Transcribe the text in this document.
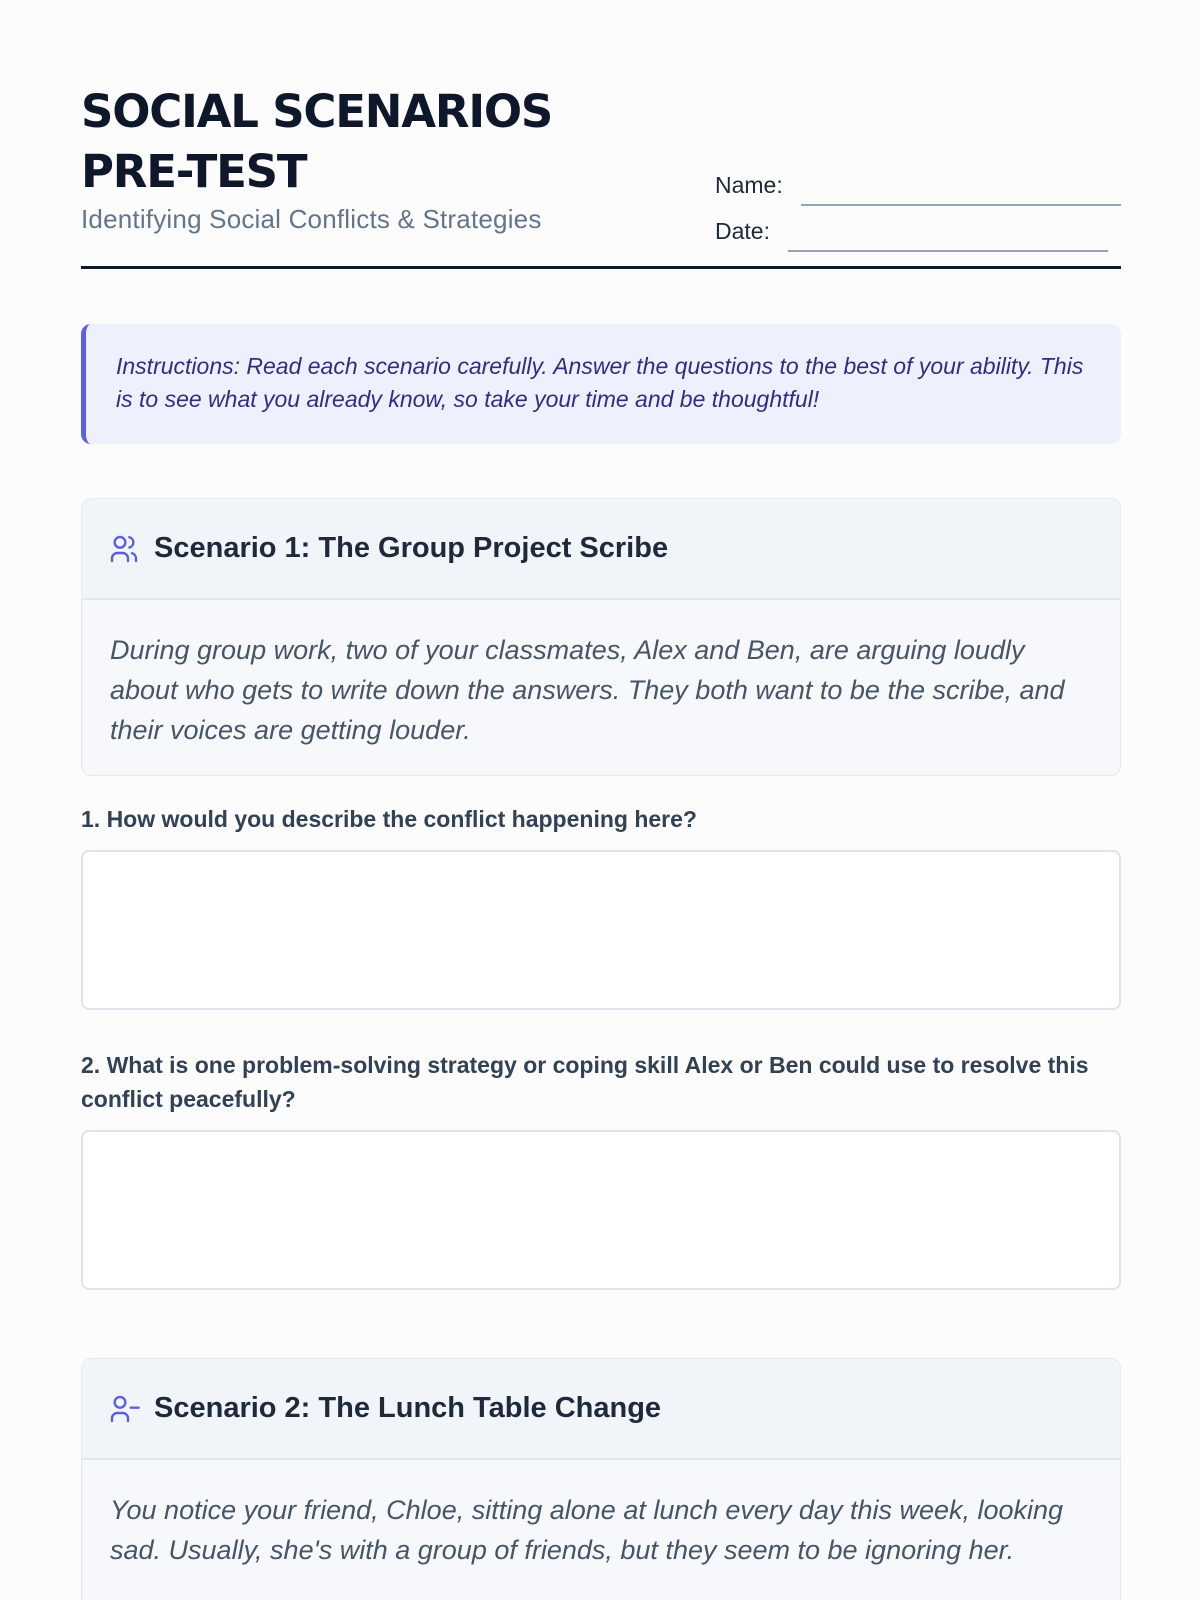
SOCIAL SCENARIOS PRE-TEST
Identifying Social Conflicts & Strategies
Name:
Date:
Instructions: Read each scenario carefully. Answer the questions to the best of your ability. This is to see what you already know, so take your time and be thoughtful!
Scenario 1: The Group Project Scribe
During group work, two of your classmates, Alex and Ben, are arguing loudly about who gets to write down the answers. They both want to be the scribe, and their voices are getting louder.
1. How would you describe the conflict happening here?
2. What is one problem-solving strategy or coping skill Alex or Ben could use to resolve this conflict peacefully?
Scenario 2: The Lunch Table Change
You notice your friend, Chloe, sitting alone at lunch every day this week, looking sad. Usually, she's with a group of friends, but they seem to be ignoring her.
